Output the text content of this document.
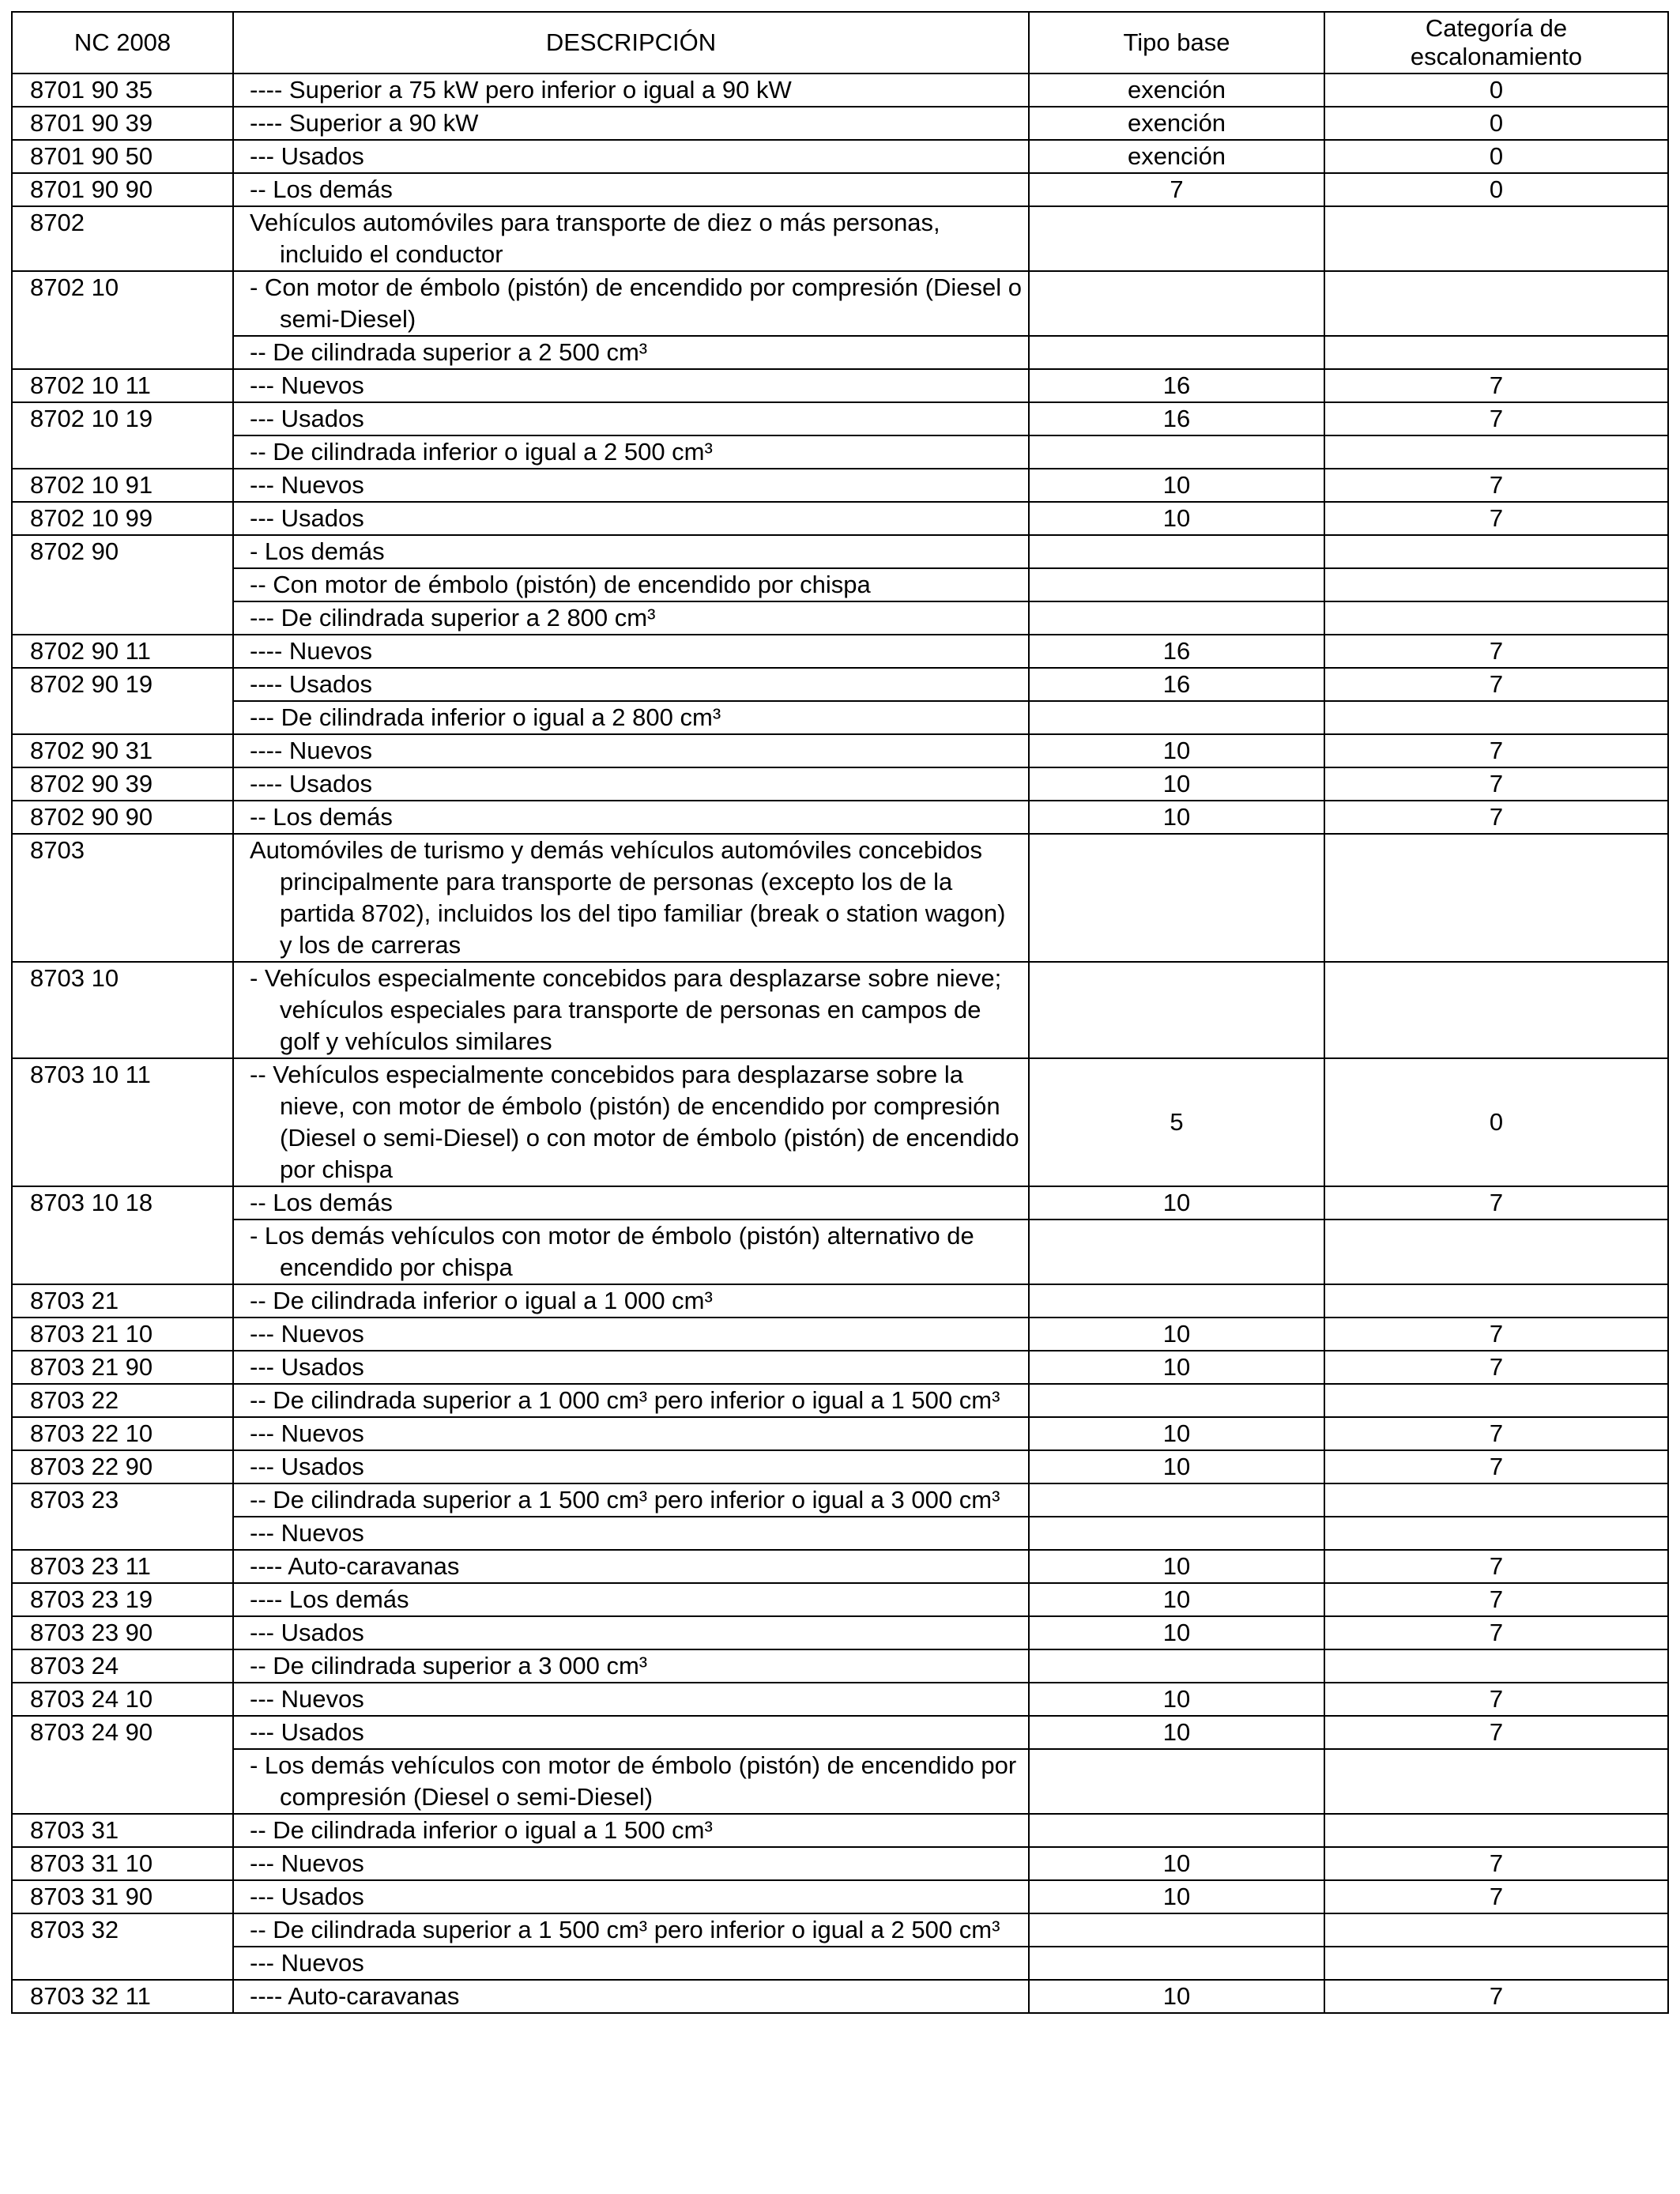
NC 2008	DESCRIPCIÓN	Tipo base	Categoría de escalonamiento
8701 90 35	---- Superior a 75 kW pero inferior o igual a 90 kW	exención	0
8701 90 39	---- Superior a 90 kW	exención	0
8701 90 50	--- Usados	exención	0
8701 90 90	-- Los demás	7	0
8702	Vehículos automóviles para transporte de diez o más personas, incluido el conductor		

8702 10	- Con motor de émbolo (pistón) de encendido por compresión (Diesel o semi-Diesel)		

	-- De cilindrada superior a 2 500 cm³		

8702 10 11	--- Nuevos	16	7
8702 10 19	--- Usados	16	7

	-- De cilindrada inferior o igual a 2 500 cm³		

8702 10 91	--- Nuevos	10	7
8702 10 99	--- Usados	10	7
8702 90	- Los demás		

	-- Con motor de émbolo (pistón) de encendido por chispa		

	--- De cilindrada superior a 2 800 cm³		

8702 90 11	---- Nuevos	16	7
8702 90 19	---- Usados	16	7

	--- De cilindrada inferior o igual a 2 800 cm³		

8702 90 31	---- Nuevos	10	7
8702 90 39	---- Usados	10	7
8702 90 90	-- Los demás	10	7
8703	Automóviles de turismo y demás vehículos automóviles concebidos principalmente para transporte de personas (excepto los de la partida 8702), incluidos los del tipo familiar (break o station wagon) y los de carreras		

8703 10	- Vehículos especialmente concebidos para desplazarse sobre nieve; vehículos especiales para transporte de personas en campos de golf y vehículos similares		

8703 10 11	-- Vehículos especialmente concebidos para desplazarse sobre la nieve, con motor de émbolo (pistón) de encendido por compresión (Diesel o semi-Diesel) o con motor de émbolo (pistón) de encendido por chispa	5	0
8703 10 18	-- Los demás	10	7

	- Los demás vehículos con motor de émbolo (pistón) alternativo de encendido por chispa		

8703 21	-- De cilindrada inferior o igual a 1 000 cm³		

8703 21 10	--- Nuevos	10	7
8703 21 90	--- Usados	10	7
8703 22	-- De cilindrada superior a 1 000 cm³ pero inferior o igual a 1 500 cm³		

8703 22 10	--- Nuevos	10	7
8703 22 90	--- Usados	10	7
8703 23	-- De cilindrada superior a 1 500 cm³ pero inferior o igual a 3 000 cm³		

	--- Nuevos		

8703 23 11	---- Auto-caravanas	10	7
8703 23 19	---- Los demás	10	7
8703 23 90	--- Usados	10	7
8703 24	-- De cilindrada superior a 3 000 cm³		

8703 24 10	--- Nuevos	10	7
8703 24 90	--- Usados	10	7

	- Los demás vehículos con motor de émbolo (pistón) de encendido por compresión (Diesel o semi-Diesel)		

8703 31	-- De cilindrada inferior o igual a 1 500 cm³		

8703 31 10	--- Nuevos	10	7
8703 31 90	--- Usados	10	7
8703 32	-- De cilindrada superior a 1 500 cm³ pero inferior o igual a 2 500 cm³		

	--- Nuevos		

8703 32 11	---- Auto-caravanas	10	7
